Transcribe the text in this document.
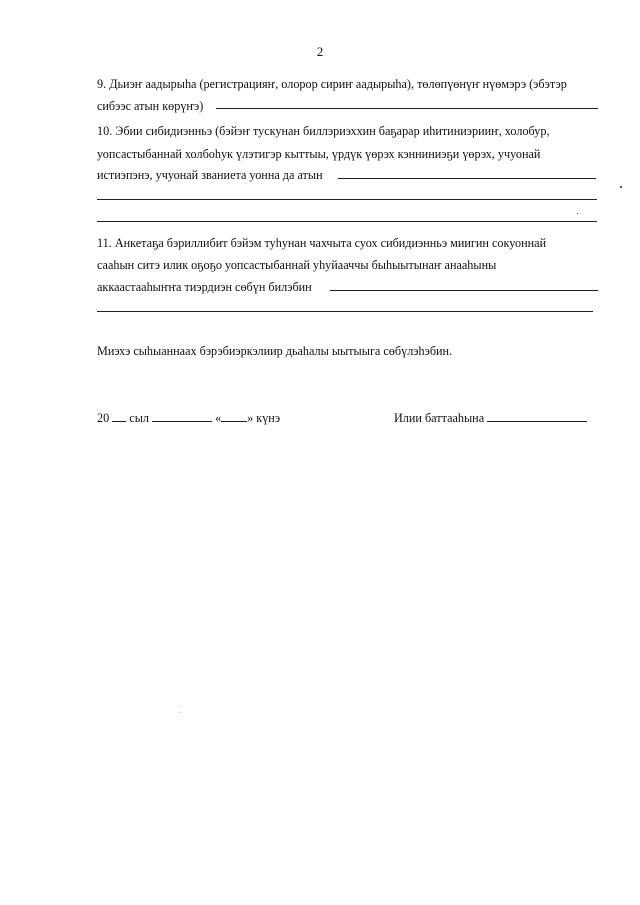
2
9. Дьиэҥ аадырыһа (регистрацияҥ, олорор сириҥ аадырыһа), төлөпүөнүҥ нүөмэрэ (эбэтэр
сибээс атын көрүҥэ)
10. Эбии сибидиэнньэ (бэйэҥ тускунан биллэриэххин баҕарар иһитиниэрииҥ, холобур,
уопсастыбаннай холбоһук үлэтигэр кыттыы, үрдүк үөрэх кэнниниэҕи үөрэх, учуонай
истиэпэнэ, учуонай званиета уонна да атын
11. Анкетаҕа бэриллибит бэйэм туһунан чахчыта суох сибидиэнньэ миигин сокуоннай
сааһын ситэ илик оҕоҕо уопсастыбаннай уһуйааччы быһыытынаҥ анааһыны
аккаастааһыҥҥа тиэрдиэн сөбүн билэбин
Миэхэ сыһыаннаах бэрэбиэркэлиир дьаһалы ыытыыга сөбүлэһэбин.
20 сыл	« » күнэ	Илии баттааһына
